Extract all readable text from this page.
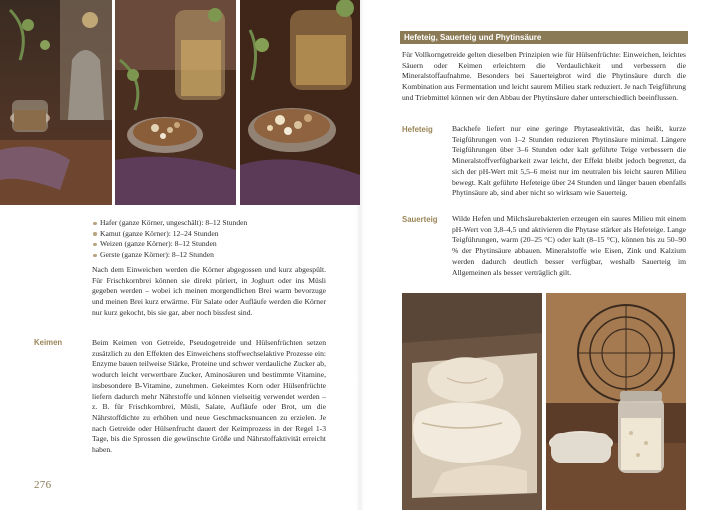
Hafer (ganze Körner, ungeschält): 8–12 Stunden
Kamut (ganze Körner): 12–24 Stunden
Weizen (ganze Körner): 8–12 Stunden
Gerste (ganze Körner): 8–12 Stunden
Nach dem Einweichen werden die Körner abgegossen und kurz abgespült. Für Frischkornbrei können sie direkt püriert, in Joghurt oder ins Müsli gegeben werden – wobei ich meinen morgendlichen Brei warm bevorzuge und meinen Brei kurz erwärme. Für Salate oder Aufläufe werden die Körner nur kurz gekocht, bis sie gar, aber noch bissfest sind.
Keimen	Beim Keimen von Getreide, Pseudogetreide und Hülsenfrüchten setzen zusätzlich zu den Effekten des Einweichens stoffwechselaktive Prozesse ein: Enzyme bauen teilweise Stärke, Proteine und schwer verdauliche Zucker ab, wodurch leicht verwertbare Zucker, Aminosäuren und bestimmte Vitamine, insbesondere B-Vitamine, zunehmen. Gekeimtes Korn oder Hülsenfrüchte liefern dadurch mehr Nährstoffe und können vielseitig verwendet werden – z. B. für Frischkornbrei, Müsli, Salate, Aufläufe oder Brot, um die Nährstoffdichte zu erhöhen und neue Geschmacksnuancen zu erzielen. Je nach Getreide oder Hülsenfrucht dauert der Keimprozess in der Regel 1-3 Tage, bis die Sprossen die gewünschte Größe und Nährstoffaktivität erreicht haben.
276
Hefeteig, Sauerteig und Phytinsäure
Für Vollkorngetreide gelten dieselben Prinzipien wie für Hülsenfrüchte: Einweichen, leichtes Säuern oder Keimen erleichtern die Verdaulichkeit und verbessern die Mineralstoffaufnahme. Besonders bei Sauerteigbrot wird die Phytinsäure durch die Kombination aus Fermentation und leicht saurem Milieu stark reduziert. Je nach Teigführung und Triebmittel können wir den Abbau der Phytinsäure daher unterschiedlich beeinflussen.
Hefeteig	Backhefe liefert nur eine geringe Phytaseaktivität, das heißt, kurze Teigführungen von 1–2 Stunden reduzieren Phytinsäure minimal. Längere Teigführungen über 3–6 Stunden oder kalt geführte Teige verbessern die Mineralstoffverfügbarkeit zwar leicht, der Effekt bleibt jedoch begrenzt, da sich der pH-Wert mit 5,5–6 meist nur im neutralen bis leicht sauren Milieu bewegt. Kalt geführte Hefeteige über 24 Stunden und länger bauen ebenfalls Phytinsäure ab, sind aber nicht so wirksam wie Sauerteig.
Sauerteig Wilde Hefen und Milchsäurebakterien erzeugen ein saures Milieu mit einem pH-Wert von 3,8–4,5 und aktivieren die Phytase stärker als Hefeteige. Lange Teigführungen, warm (20–25 °C) oder kalt (8–15 °C), können bis zu 50–90 % der Phytinsäure abbauen. Mineralstoffe wie Eisen, Zink und Kalzium werden dadurch deutlich besser verfügbar, weshalb Sauerteig im Allgemeinen als besser verträglich gilt.
